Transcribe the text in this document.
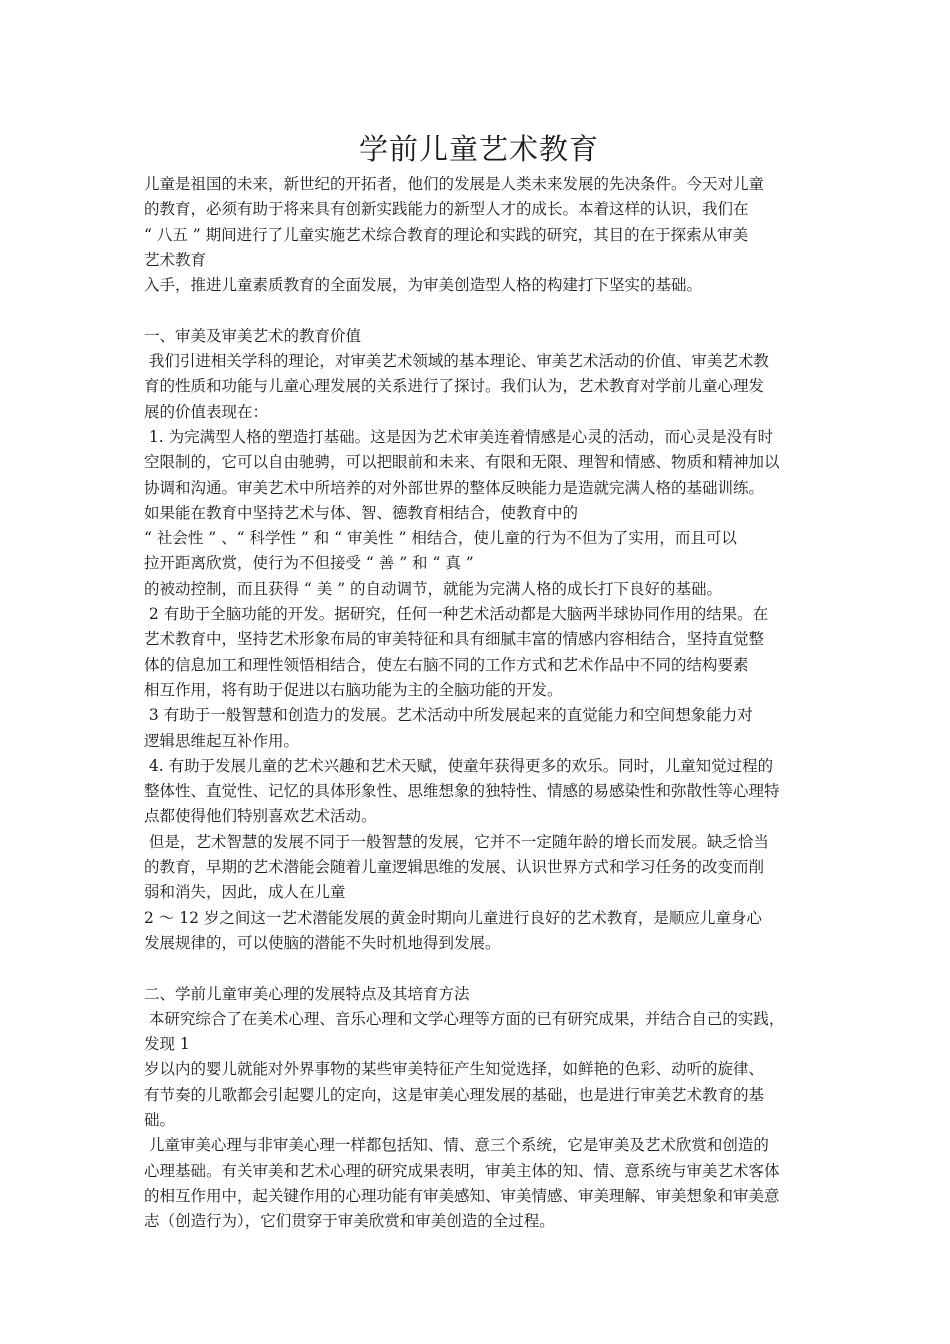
学前儿童艺术教育

儿童是祖国的未来，新世纪的开拓者，他们的发展是人类未来发展的先决条件。今天对儿童

的教育，必须有助于将来具有创新实践能力的新型人才的成长。本着这样的认识，我们在

“ 八五 ” 期间进行了儿童实施艺术综合教育的理论和实践的研究，其目的在于探索从审美

艺术教育

入手，推进儿童素质教育的全面发展，为审美创造型人格的构建打下坚实的基础。

一、审美及审美艺术的教育价值

我们引进相关学科的理论，对审美艺术领域的基本理论、审美艺术活动的价值、审美艺术教

育的性质和功能与儿童心理发展的关系进行了探讨。我们认为，艺术教育对学前儿童心理发

展的价值表现在：

1. 为完满型人格的塑造打基础。这是因为艺术审美连着情感是心灵的活动，而心灵是没有时

空限制的，它可以自由驰骋，可以把眼前和未来、有限和无限、理智和情感、物质和精神加以

协调和沟通。审美艺术中所培养的对外部世界的整体反映能力是造就完满人格的基础训练。

如果能在教育中坚持艺术与体、智、德教育相结合，使教育中的

“ 社会性 ” 、“ 科学性 ” 和 “ 审美性 ” 相结合，使儿童的行为不但为了实用，而且可以

拉开距离欣赏，使行为不但接受 “ 善 ” 和 “ 真 ”

的被动控制，而且获得 “ 美 ” 的自动调节，就能为完满人格的成长打下良好的基础。

2 有助于全脑功能的开发。据研究，任何一种艺术活动都是大脑两半球协同作用的结果。在

艺术教育中，坚持艺术形象布局的审美特征和具有细腻丰富的情感内容相结合，坚持直觉整

体的信息加工和理性领悟相结合，使左右脑不同的工作方式和艺术作品中不同的结构要素

相互作用，将有助于促进以右脑功能为主的全脑功能的开发。

3 有助于一般智慧和创造力的发展。艺术活动中所发展起来的直觉能力和空间想象能力对

逻辑思维起互补作用。

4. 有助于发展儿童的艺术兴趣和艺术天赋，使童年获得更多的欢乐。同时，儿童知觉过程的

整体性、直觉性、记忆的具体形象性、思维想象的独特性、情感的易感染性和弥散性等心理特

点都使得他们特别喜欢艺术活动。

但是，艺术智慧的发展不同于一般智慧的发展，它并不一定随年龄的增长而发展。缺乏恰当

的教育，早期的艺术潜能会随着儿童逻辑思维的发展、认识世界方式和学习任务的改变而削

弱和消失，因此，成人在儿童

2 ～ 12 岁之间这一艺术潜能发展的黄金时期向儿童进行良好的艺术教育，是顺应儿童身心

发展规律的，可以使脑的潜能不失时机地得到发展。

二、学前儿童审美心理的发展特点及其培育方法

本研究综合了在美术心理、音乐心理和文学心理等方面的已有研究成果，并结合自己的实践，

发现 1

岁以内的婴儿就能对外界事物的某些审美特征产生知觉选择，如鲜艳的色彩、动听的旋律、

有节奏的儿歌都会引起婴儿的定向，这是审美心理发展的基础，也是进行审美艺术教育的基

础。

儿童审美心理与非审美心理一样都包括知、情、意三个系统，它是审美及艺术欣赏和创造的

心理基础。有关审美和艺术心理的研究成果表明，审美主体的知、情、意系统与审美艺术客体

的相互作用中，起关键作用的心理功能有审美感知、审美情感、审美理解、审美想象和审美意

志（创造行为），它们贯穿于审美欣赏和审美创造的全过程。
